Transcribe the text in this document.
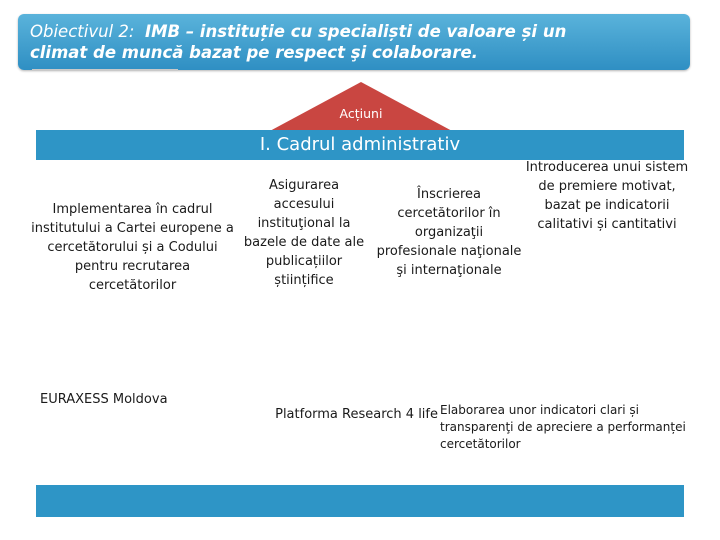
Obiectivul 2: IMB – instituție cu specialiști de valoare și un
climat de muncă bazat pe respect şi colaborare.
Acțiuni
I. Cadrul administrativ
Implementarea în cadrul institutului a Cartei europene a cercetătorului și a Codului pentru recrutarea cercetătorilor
Asigurarea accesului instituţional la bazele de date ale publicațiilor științifice
Înscrierea cercetătorilor în organizaţii profesionale naţionale şi internaţionale
Introducerea unui sistem de premiere motivat, bazat pe indicatorii calitativi și cantitativi
EURAXESS Moldova
Platforma Research 4 life Elaborarea unor indicatori clari și transparenţi de apreciere a performanței cercetătorilor
